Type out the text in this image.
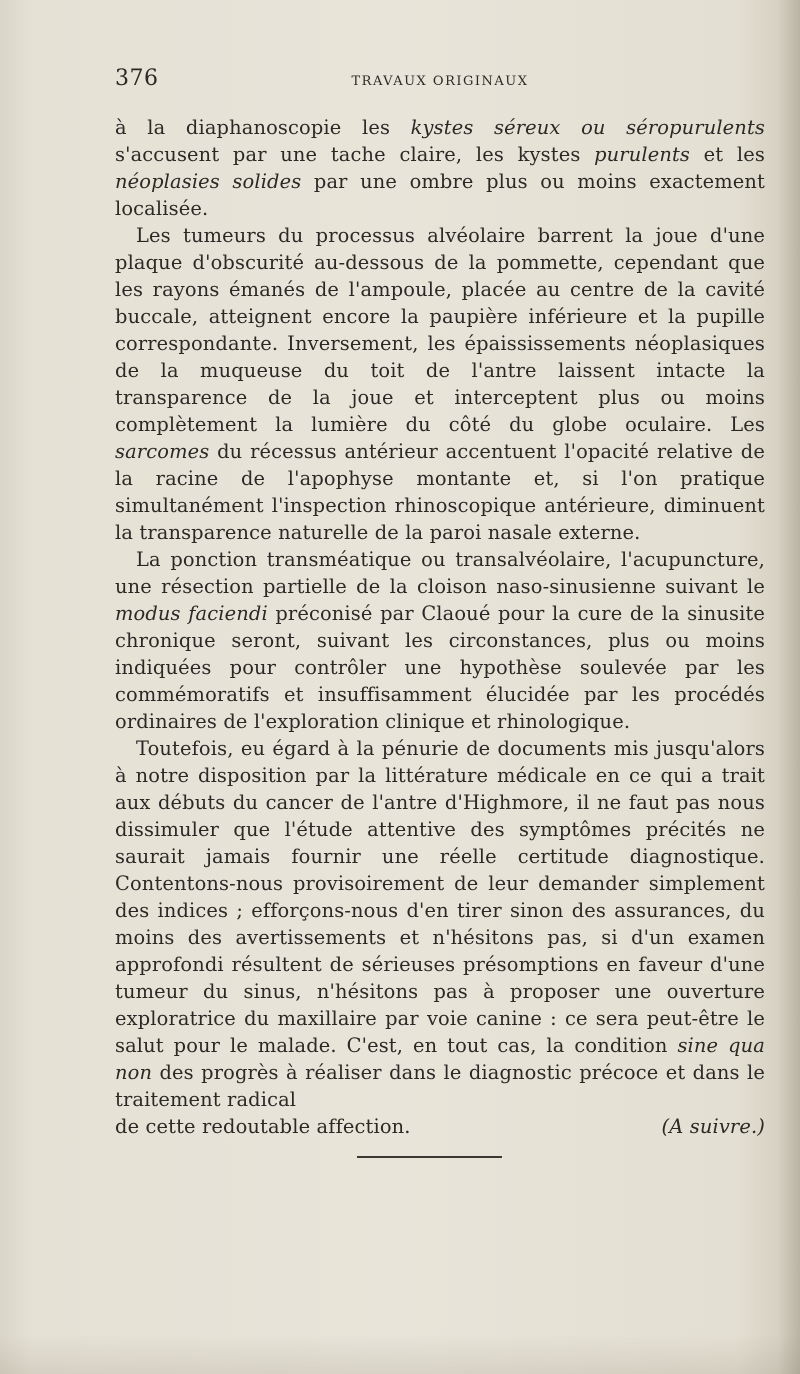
376	TRAVAUX ORIGINAUX

à la diaphanoscopie les kystes séreux ou séropurulents s'accusent par une tache claire, les kystes purulents et les néoplasies solides par une ombre plus ou moins exactement localisée.

Les tumeurs du processus alvéolaire barrent la joue d'une plaque d'obscurité au-dessous de la pommette, cependant que les rayons émanés de l'ampoule, placée au centre de la cavité buccale, atteignent encore la paupière inférieure et la pupille correspondante. Inversement, les épaississements néoplasiques de la muqueuse du toit de l'antre laissent intacte la transparence de la joue et interceptent plus ou moins complètement la lumière du côté du globe oculaire. Les sarcomes du récessus antérieur accentuent l'opacité relative de la racine de l'apophyse montante et, si l'on pratique simultanément l'inspection rhinoscopique antérieure, diminuent la transparence naturelle de la paroi nasale externe.

La ponction transméatique ou transalvéolaire, l'acupuncture, une résection partielle de la cloison naso-sinusienne suivant le modus faciendi préconisé par Claoué pour la cure de la sinusite chronique seront, suivant les circonstances, plus ou moins indiquées pour contrôler une hypothèse soulevée par les commémoratifs et insuffisamment élucidée par les procédés ordinaires de l'exploration clinique et rhinologique.

Toutefois, eu égard à la pénurie de documents mis jusqu'alors à notre disposition par la littérature médicale en ce qui a trait aux débuts du cancer de l'antre d'Highmore, il ne faut pas nous dissimuler que l'étude attentive des symptômes précités ne saurait jamais fournir une réelle certitude diagnostique. Contentons-nous provisoirement de leur demander simplement des indices ; efforçons-nous d'en tirer sinon des assurances, du moins des avertissements et n'hésitons pas, si d'un examen approfondi résultent de sérieuses présomptions en faveur d'une tumeur du sinus, n'hésitons pas à proposer une ouverture exploratrice du maxillaire par voie canine : ce sera peut-être le salut pour le malade. C'est, en tout cas, la condition sine qua non des progrès à réaliser dans le diagnostic précoce et dans le traitement radical

de cette redoutable affection.	(A suivre.)
